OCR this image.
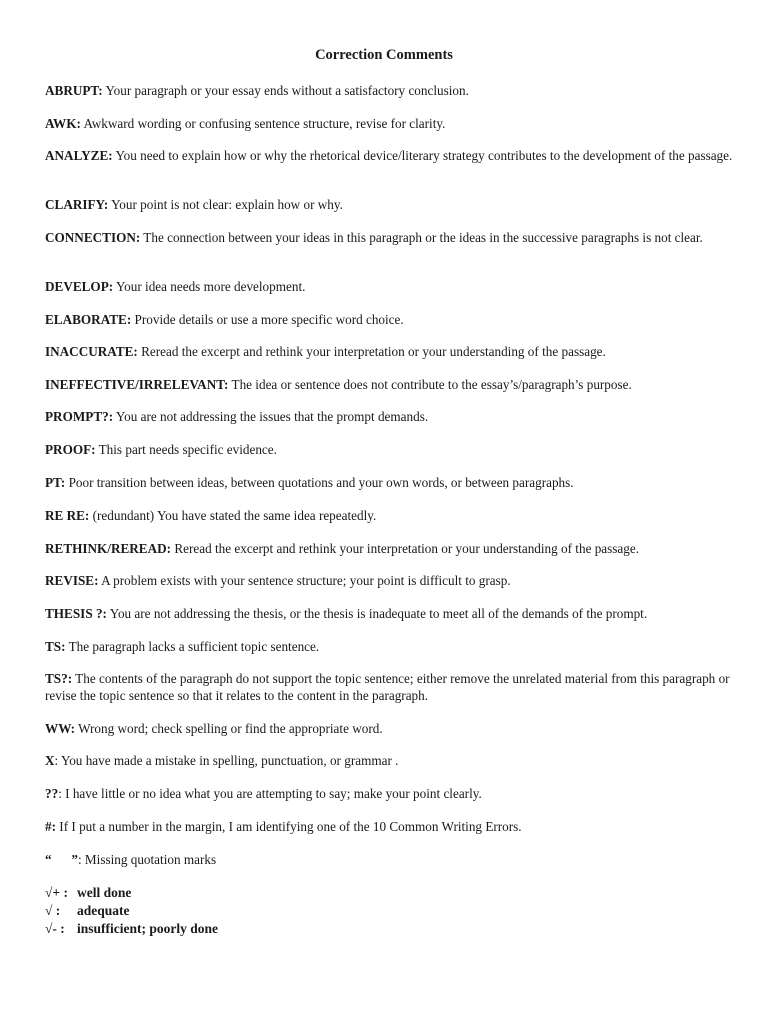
Correction Comments

ABRUPT: Your paragraph or your essay ends without a satisfactory conclusion.

AWK: Awkward wording or confusing sentence structure, revise for clarity.

ANALYZE: You need to explain how or why the rhetorical device/literary strategy contributes to the development of the passage.

CLARIFY: Your point is not clear: explain how or why.

CONNECTION: The connection between your ideas in this paragraph or the ideas in the successive paragraphs is not clear.

DEVELOP: Your idea needs more development.

ELABORATE: Provide details or use a more specific word choice.

INACCURATE: Reread the excerpt and rethink your interpretation or your understanding of the passage.

INEFFECTIVE/IRRELEVANT: The idea or sentence does not contribute to the essay’s/paragraph’s purpose.

PROMPT?: You are not addressing the issues that the prompt demands.

PROOF: This part needs specific evidence.

PT: Poor transition between ideas, between quotations and your own words, or between paragraphs.

RE RE: (redundant) You have stated the same idea repeatedly.

RETHINK/REREAD: Reread the excerpt and rethink your interpretation or your understanding of the passage.

REVISE: A problem exists with your sentence structure; your point is difficult to grasp.

THESIS ?: You are not addressing the thesis, or the thesis is inadequate to meet all of the demands of the prompt.

TS: The paragraph lacks a sufficient topic sentence.

TS?: The contents of the paragraph do not support the topic sentence; either remove the unrelated material from this paragraph or revise the topic sentence so that it relates to the content in the paragraph.

WW: Wrong word; check spelling or find the appropriate word.

X: You have made a mistake in spelling, punctuation, or grammar .

??: I have little or no idea what you are attempting to say; make your point clearly.

#: If I put a number in the margin, I am identifying one of the 10 Common Writing Errors.

“      ”: Missing quotation marks

√+ : well done

√ : adequate

√- : insufficient; poorly done
